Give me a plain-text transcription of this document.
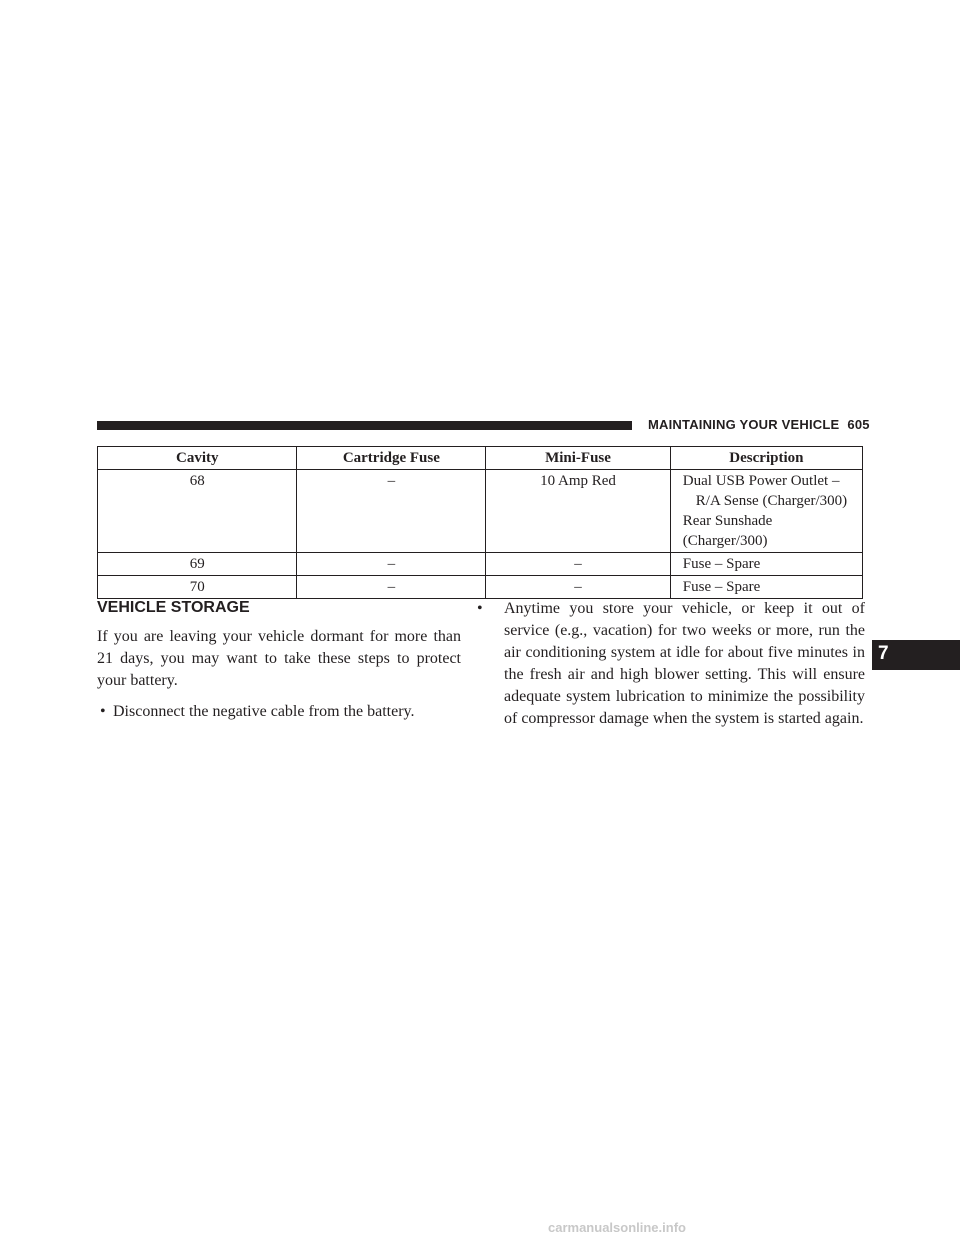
MAINTAINING YOUR VEHICLE 605
Cavity	Cartridge Fuse	Mini-Fuse	Description
68	–	10 Amp Red	Dual USB Power Outlet –
R/A Sense (Charger/300)
Rear Sunshade
(Charger/300)

69	–	–	Fuse – Spare

70	–	–	Fuse – Spare
VEHICLE STORAGE

If you are leaving your vehicle dormant for more than 21 days, you may want to take these steps to protect your battery.

• Disconnect the negative cable from the battery.

• Anytime you store your vehicle, or keep it out of service (e.g., vacation) for two weeks or more, run the air conditioning system at idle for about five minutes in the fresh air and high blower setting. This will ensure adequate system lubrication to minimize the possibility of compressor damage when the system is started again.

7
carmanualsonline.info
